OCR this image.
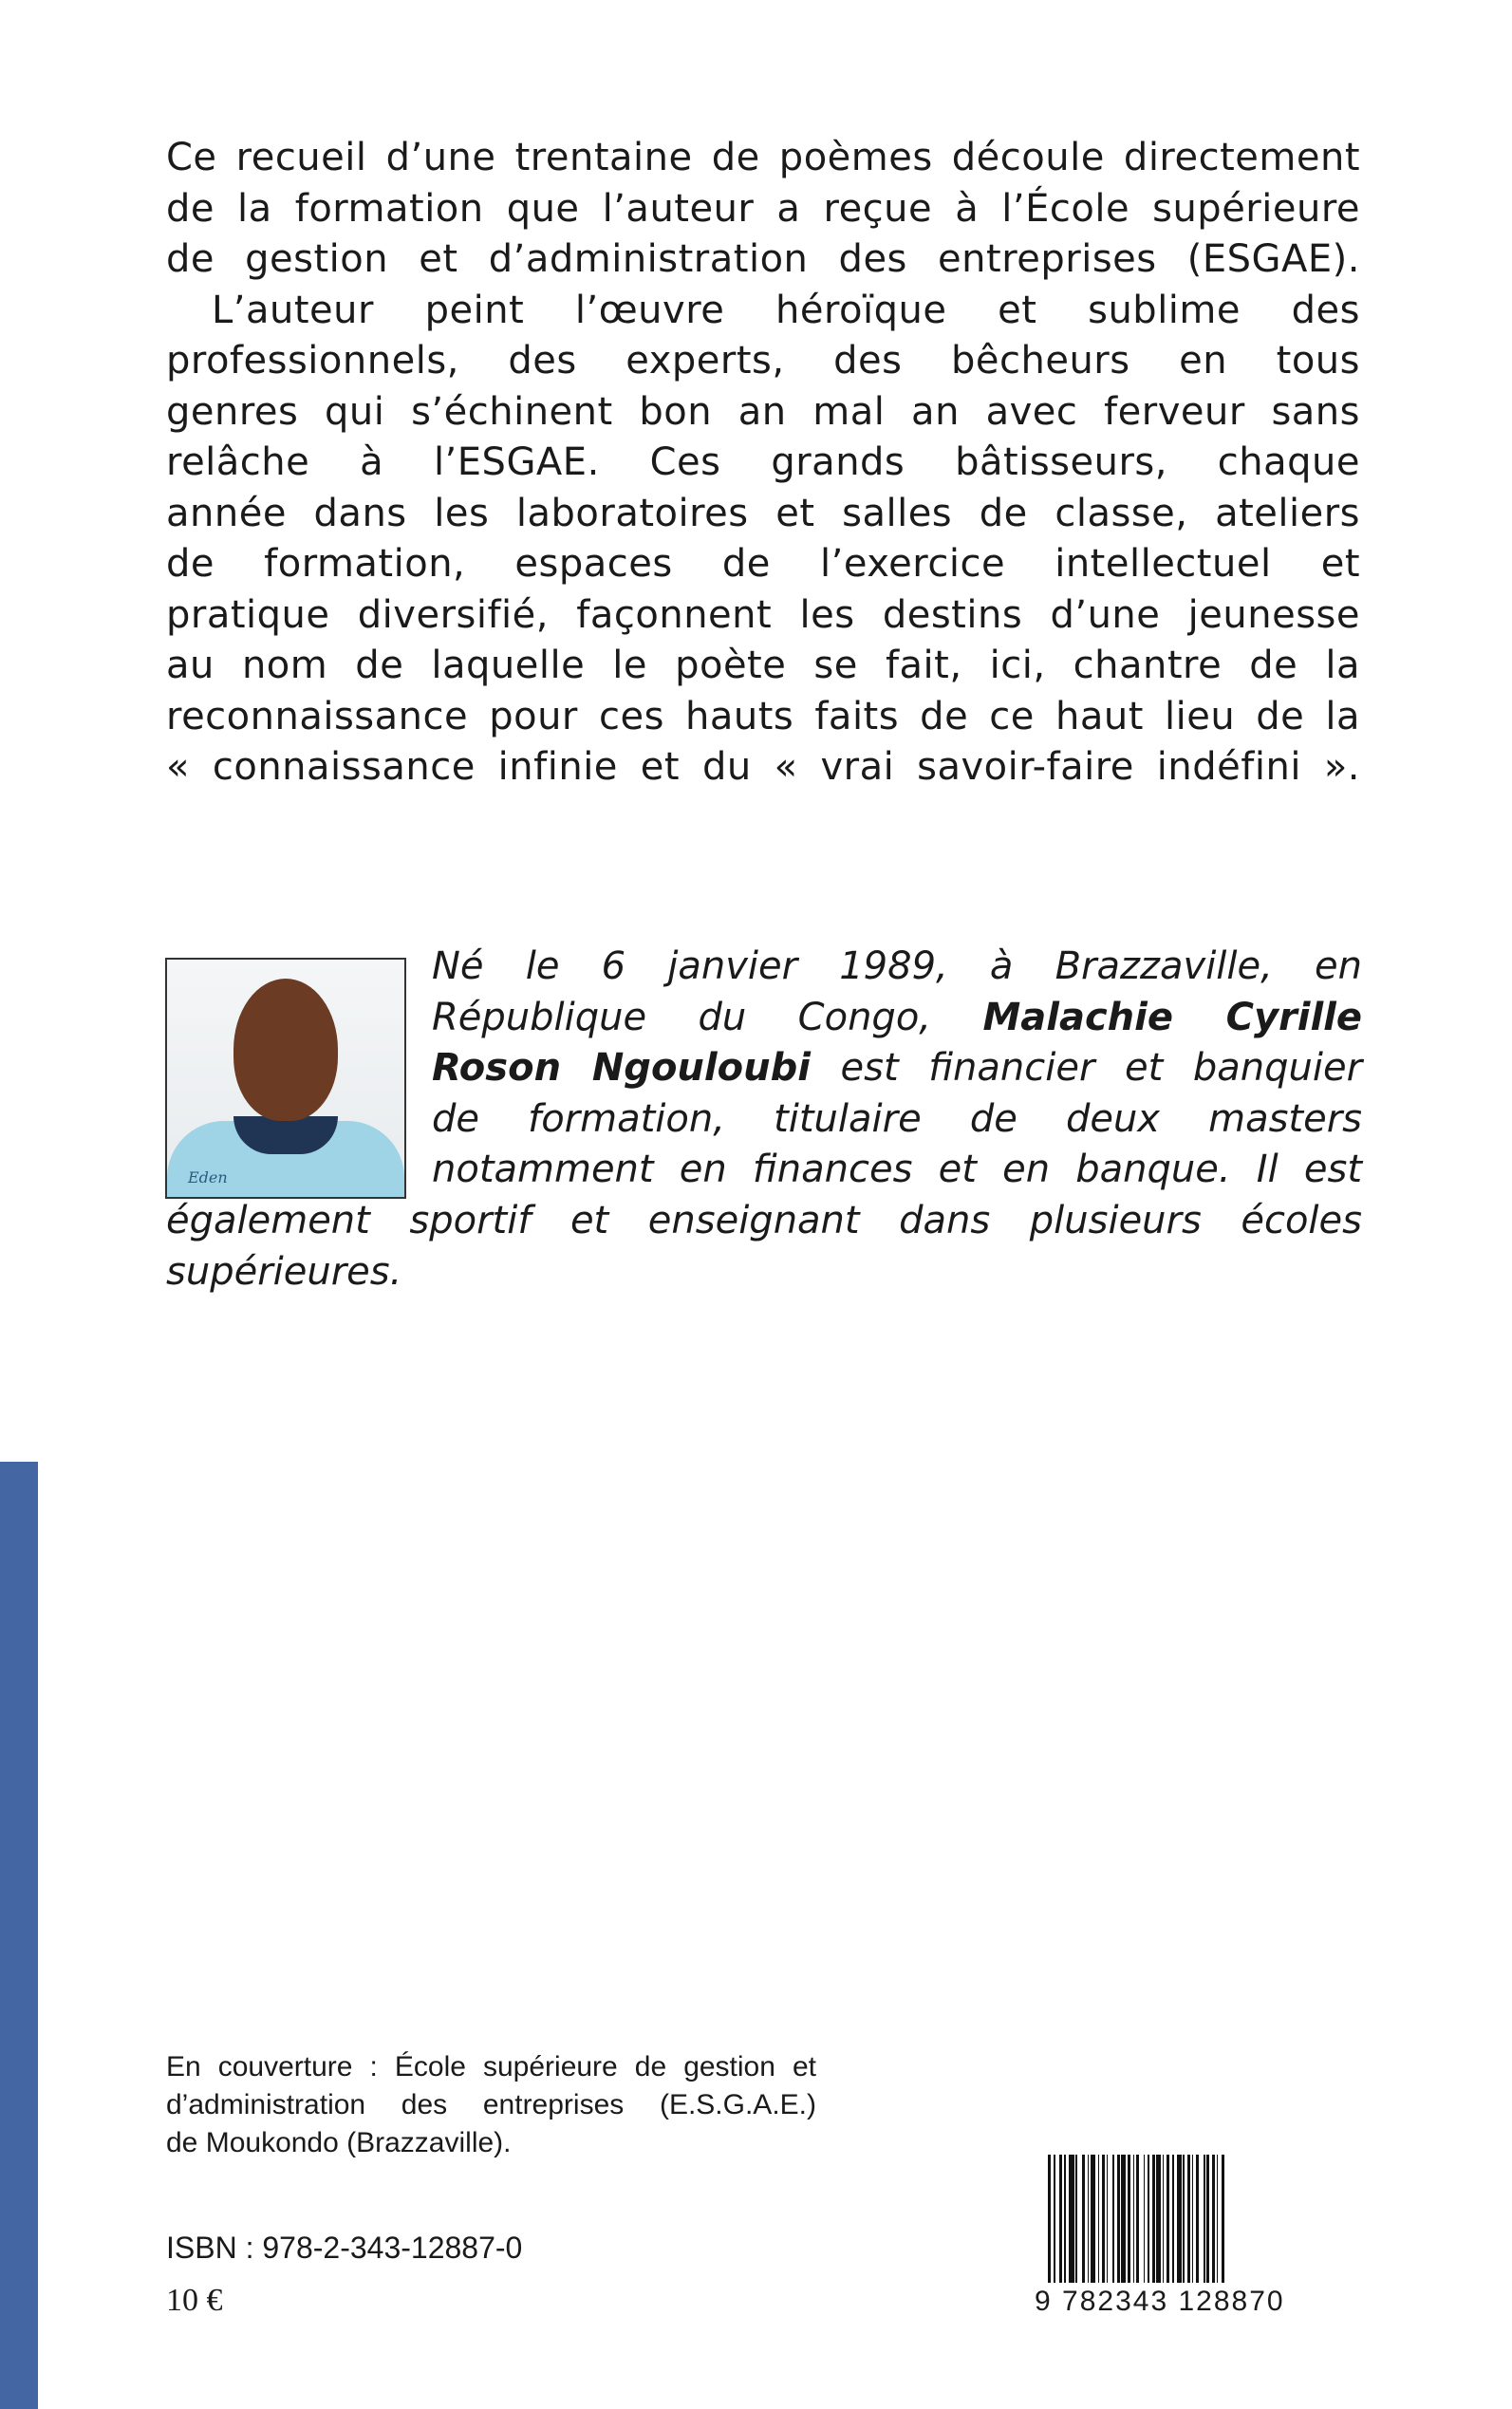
Ce recueil d’une trentaine de poèmes découle directement
de la formation que l’auteur a reçue à l’École supérieure
de gestion et d’administration des entreprises (ESGAE).
L’auteur peint l’œuvre héroïque et sublime des
professionnels, des experts, des bêcheurs en tous
genres qui s’échinent bon an mal an avec ferveur sans
relâche à l’ESGAE. Ces grands bâtisseurs, chaque
année dans les laboratoires et salles de classe, ateliers
de formation, espaces de l’exercice intellectuel et
pratique diversifié, façonnent les destins d’une jeunesse
au nom de laquelle le poète se fait, ici, chantre de la
reconnaissance pour ces hauts faits de ce haut lieu de la
« connaissance infinie et du « vrai savoir-faire indéfini ».
Eden
Né le 6 janvier 1989, à Brazzaville, en
République du Congo, Malachie Cyrille
Roson Ngouloubi est financier et banquier
de formation, titulaire de deux masters
notamment en finances et en banque. Il est
également sportif et enseignant dans plusieurs écoles
supérieures.
En couverture : École supérieure de gestion et
d’administration des entreprises (E.S.G.A.E.)
de Moukondo (Brazzaville).
ISBN : 978-2-343-12887-0
10 €	9 782343 128870
